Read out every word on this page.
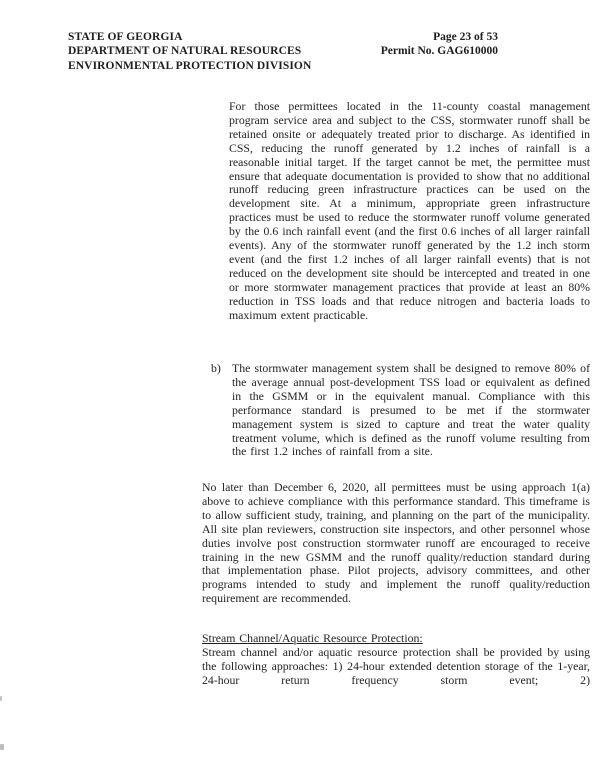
STATE OF GEORGIA
DEPARTMENT OF NATURAL RESOURCES
ENVIRONMENTAL PROTECTION DIVISION
Page 23 of 53
Permit No. GAG610000
For those permittees located in the 11-county coastal management program service area and subject to the CSS, stormwater runoff shall be retained onsite or adequately treated prior to discharge. As identified in CSS, reducing the runoff generated by 1.2 inches of rainfall is a reasonable initial target. If the target cannot be met, the permittee must ensure that adequate documentation is provided to show that no additional runoff reducing green infrastructure practices can be used on the development site. At a minimum, appropriate green infrastructure practices must be used to reduce the stormwater runoff volume generated by the 0.6 inch rainfall event (and the first 0.6 inches of all larger rainfall events). Any of the stormwater runoff generated by the 1.2 inch storm event (and the first 1.2 inches of all larger rainfall events) that is not reduced on the development site should be intercepted and treated in one or more stormwater management practices that provide at least an 80% reduction in TSS loads and that reduce nitrogen and bacteria loads to maximum extent practicable.
b) The stormwater management system shall be designed to remove 80% of the average annual post-development TSS load or equivalent as defined in the GSMM or in the equivalent manual. Compliance with this performance standard is presumed to be met if the stormwater management system is sized to capture and treat the water quality treatment volume, which is defined as the runoff volume resulting from the first 1.2 inches of rainfall from a site.
No later than December 6, 2020, all permittees must be using approach 1(a) above to achieve compliance with this performance standard. This timeframe is to allow sufficient study, training, and planning on the part of the municipality. All site plan reviewers, construction site inspectors, and other personnel whose duties involve post construction stormwater runoff are encouraged to receive training in the new GSMM and the runoff quality/reduction standard during that implementation phase. Pilot projects, advisory committees, and other programs intended to study and implement the runoff quality/reduction requirement are recommended.
Stream Channel/Aquatic Resource Protection:
Stream channel and/or aquatic resource protection shall be provided by using the following approaches: 1) 24-hour extended detention storage of the 1-year, 24-hour return frequency storm event; 2)
